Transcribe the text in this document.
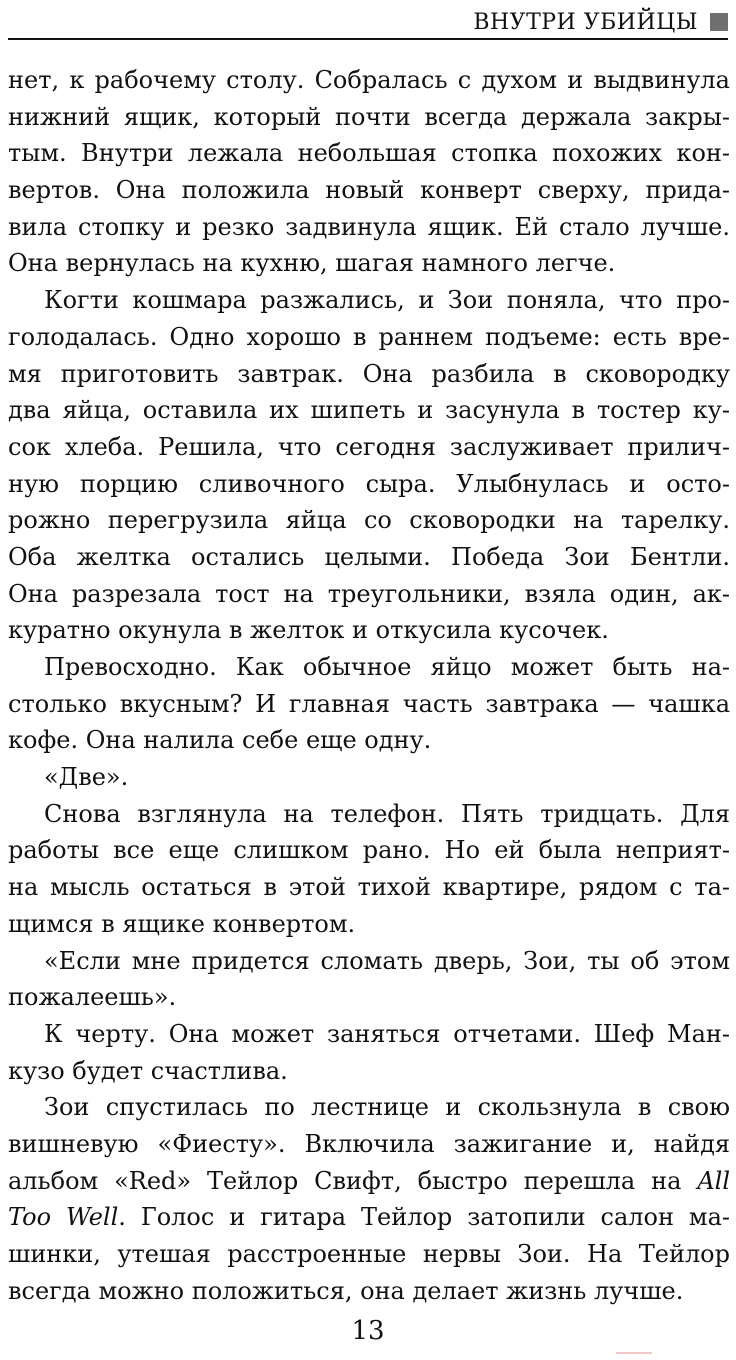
ВНУТРИ УБИЙЦЫ
нет, к рабочему столу. Собралась с духом и выдвинула
нижний ящик, который почти всегда держала закры-
тым. Внутри лежала небольшая стопка похожих кон-
вертов. Она положила новый конверт сверху, прида-
вила стопку и резко задвинула ящик. Ей стало лучше.
Она вернулась на кухню, шагая намного легче.
Когти кошмара разжались, и Зои поняла, что про-
голодалась. Одно хорошо в раннем подъеме: есть вре-
мя приготовить завтрак. Она разбила в сковородку
два яйца, оставила их шипеть и засунула в тостер ку-
сок хлеба. Решила, что сегодня заслуживает прилич-
ную порцию сливочного сыра. Улыбнулась и осто-
рожно перегрузила яйца со сковородки на тарелку.
Оба желтка остались целыми. Победа Зои Бентли.
Она разрезала тост на треугольники, взяла один, ак-
куратно окунула в желток и откусила кусочек.
Превосходно. Как обычное яйцо может быть на-
столько вкусным? И главная часть завтрака — чашка
кофе. Она налила себе еще одну.
«Две».
Снова взглянула на телефон. Пять тридцать. Для
работы все еще слишком рано. Но ей была неприят-
на мысль остаться в этой тихой квартире, рядом с та-
щимся в ящике конвертом.
«Если мне придется сломать дверь, Зои, ты об этом
пожалеешь».
К черту. Она может заняться отчетами. Шеф Ман-
кузо будет счастлива.
Зои спустилась по лестнице и скользнула в свою
вишневую «Фиесту». Включила зажигание и, найдя
альбом «Red» Тейлор Свифт, быстро перешла на All
Too Well. Голос и гитара Тейлор затопили салон ма-
шинки, утешая расстроенные нервы Зои. На Тейлор
всегда можно положиться, она делает жизнь лучше.
13
